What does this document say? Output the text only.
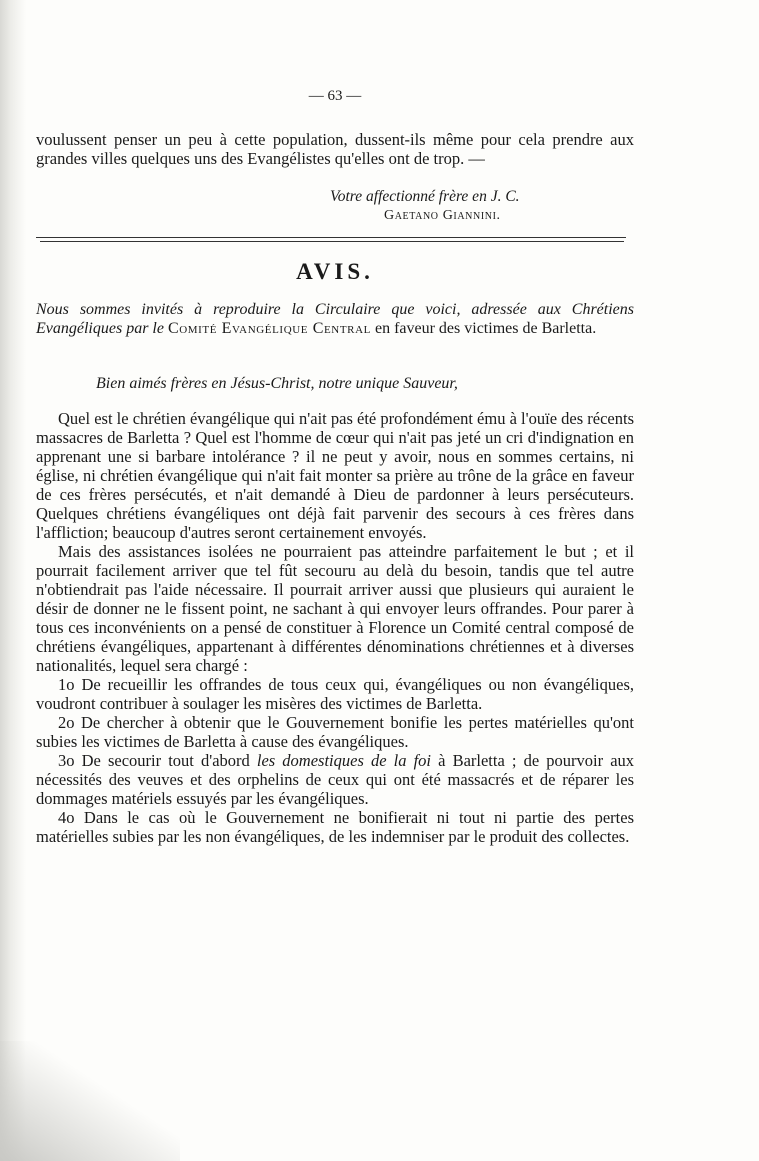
— 63 —

voulussent penser un peu à cette population, dussent-ils même pour cela prendre aux grandes villes quelques uns des Evangélistes qu'elles ont de trop. —

Votre affectionné frère en J. C.
Gaetano Giannini.
AVIS.

Nous sommes invités à reproduire la Circulaire que voici, adressée aux Chrétiens Evangéliques par le Comité Evangélique Central en faveur des victimes de Barletta.

Bien aimés frères en Jésus-Christ, notre unique Sauveur,

Quel est le chrétien évangélique qui n'ait pas été profondément ému à l'ouïe des récents massacres de Barletta ? Quel est l'homme de cœur qui n'ait pas jeté un cri d'indignation en apprenant une si barbare intolérance ? il ne peut y avoir, nous en sommes certains, ni église, ni chrétien évangélique qui n'ait fait monter sa prière au trône de la grâce en faveur de ces frères persécutés, et n'ait demandé à Dieu de pardonner à leurs persécuteurs. Quelques chrétiens évangéliques ont déjà fait parvenir des secours à ces frères dans l'affliction; beaucoup d'autres seront certainement envoyés.

Mais des assistances isolées ne pourraient pas atteindre parfaitement le but ; et il pourrait facilement arriver que tel fût secouru au delà du besoin, tandis que tel autre n'obtiendrait pas l'aide nécessaire. Il pourrait arriver aussi que plusieurs qui auraient le désir de donner ne le fissent point, ne sachant à qui envoyer leurs offrandes. Pour parer à tous ces inconvénients on a pensé de constituer à Florence un Comité central composé de chrétiens évangéliques, appartenant à différentes dénominations chrétiennes et à diverses nationalités, lequel sera chargé :

1o De recueillir les offrandes de tous ceux qui, évangéliques ou non évangéliques, voudront contribuer à soulager les misères des victimes de Barletta.

2o De chercher à obtenir que le Gouvernement bonifie les pertes matérielles qu'ont subies les victimes de Barletta à cause des évangéliques.

3o De secourir tout d'abord les domestiques de la foi à Barletta ; de pourvoir aux nécessités des veuves et des orphelins de ceux qui ont été massacrés et de réparer les dommages matériels essuyés par les évangéliques.

4o Dans le cas où le Gouvernement ne bonifierait ni tout ni partie des pertes matérielles subies par les non évangéliques, de les indemniser par le produit des collectes.
